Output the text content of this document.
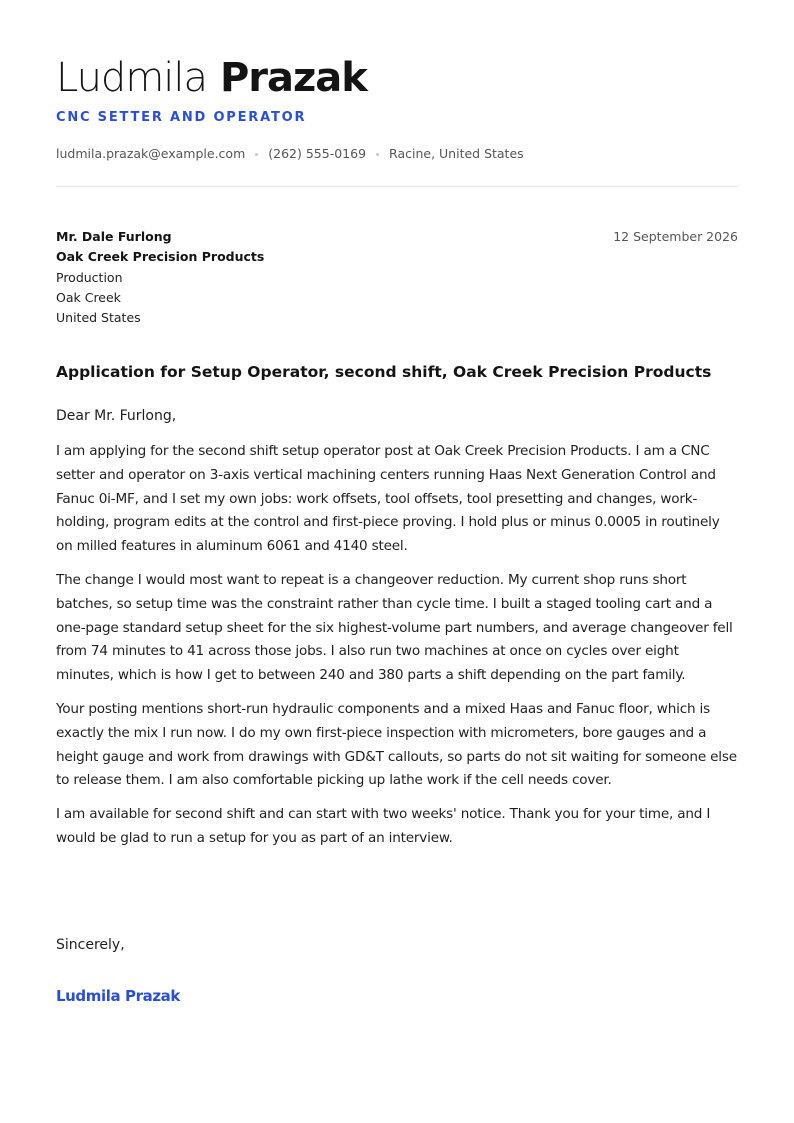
Ludmila Prazak
CNC SETTER AND OPERATOR
ludmila.prazak@example.com (262) 555-0169 Racine, United States
Mr. Dale Furlong
Oak Creek Precision Products
Production
Oak Creek
United States
12 September 2026
Application for Setup Operator, second shift, Oak Creek Precision Products

Dear Mr. Furlong,

I am applying for the second shift setup operator post at Oak Creek Precision Products. I am a CNC setter and operator on 3-axis vertical machining centers running Haas Next Generation Control and Fanuc 0i-MF, and I set my own jobs: work offsets, tool offsets, tool presetting and changes, work-holding, program edits at the control and first-piece proving. I hold plus or minus 0.0005 in routinely on milled features in aluminum 6061 and 4140 steel.

The change I would most want to repeat is a changeover reduction. My current shop runs short batches, so setup time was the constraint rather than cycle time. I built a staged tooling cart and a one-page standard setup sheet for the six highest-volume part numbers, and average changeover fell from 74 minutes to 41 across those jobs. I also run two machines at once on cycles over eight minutes, which is how I get to between 240 and 380 parts a shift depending on the part family.

Your posting mentions short-run hydraulic components and a mixed Haas and Fanuc floor, which is exactly the mix I run now. I do my own first-piece inspection with micrometers, bore gauges and a height gauge and work from drawings with GD&T callouts, so parts do not sit waiting for someone else to release them. I am also comfortable picking up lathe work if the cell needs cover.

I am available for second shift and can start with two weeks' notice. Thank you for your time, and I would be glad to run a setup for you as part of an interview.

Sincerely,

Ludmila Prazak
